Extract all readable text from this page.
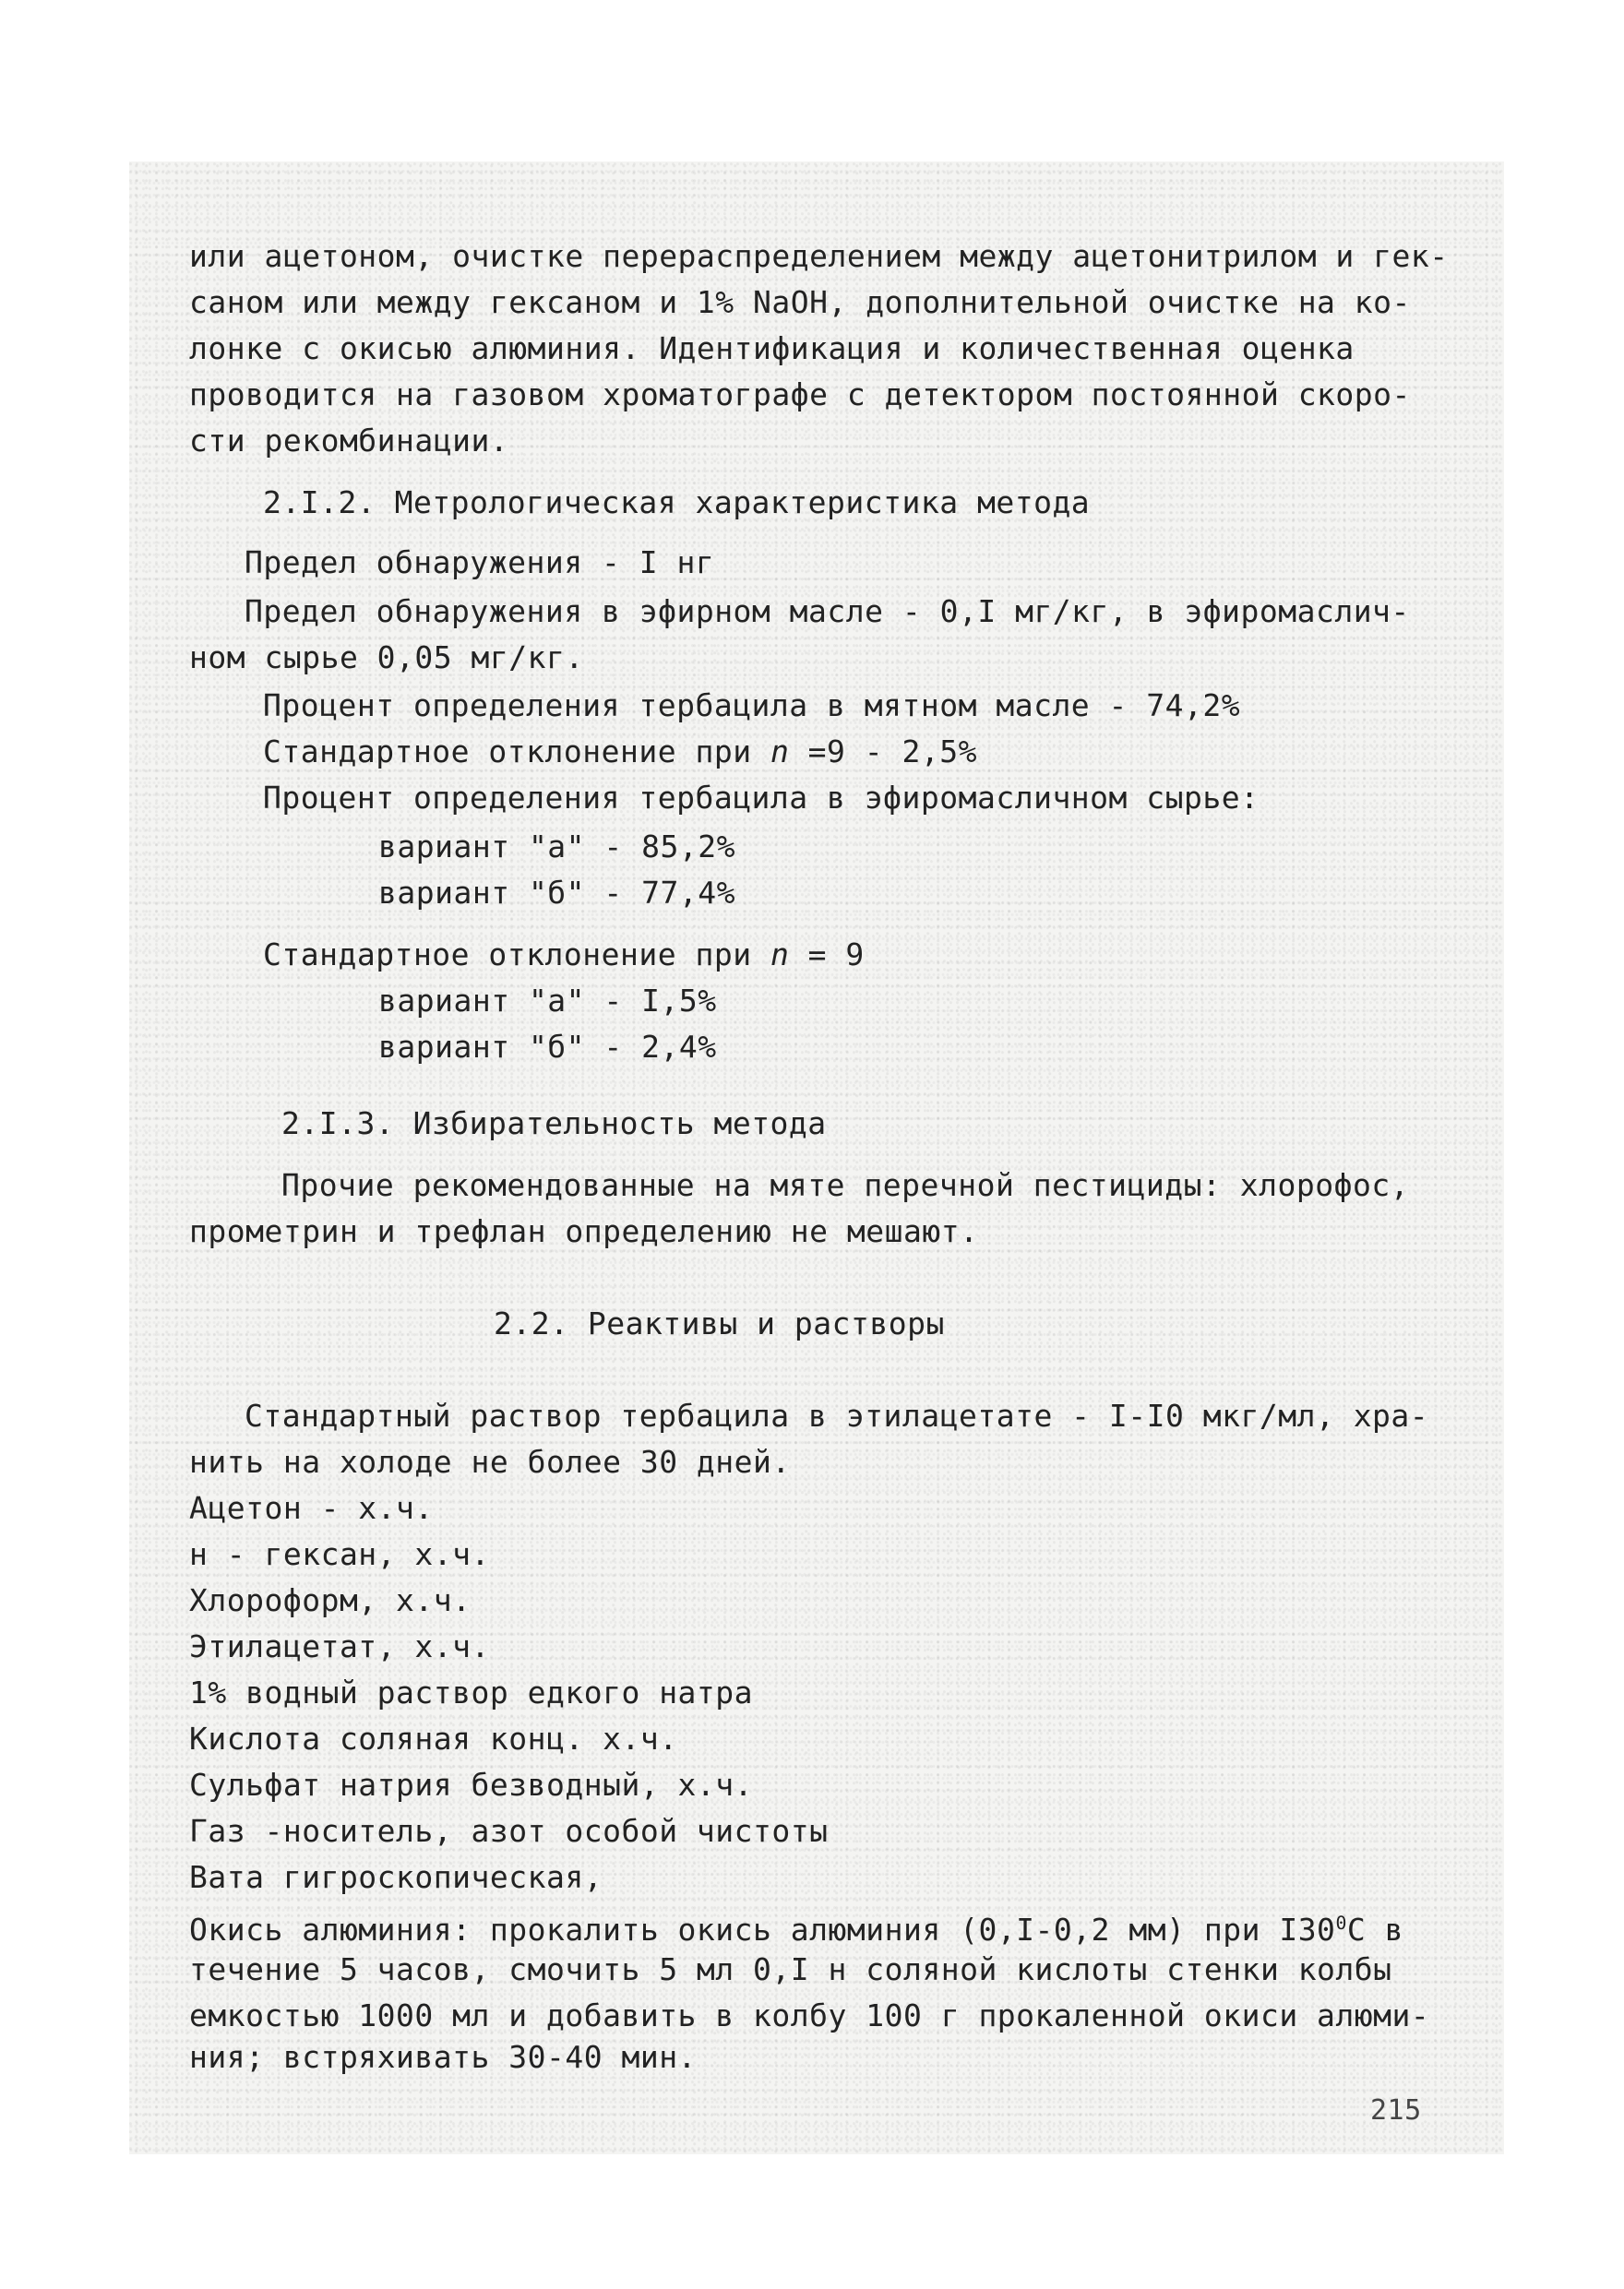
или ацетоном, очистке перераспределением между ацетонитрилом и гек-

саном или между гексаном и 1% NaOH, дополнительной очистке на ко-

лонке с окисью алюминия. Идентификация и количественная оценка

проводится на газовом хроматографе с детектором постоянной скоро-

сти рекомбинации.

2.I.2. Метрологическая характеристика метода

Предел обнаружения - I нг

Предел обнаружения в эфирном масле - 0,I мг/кг, в эфиромаслич-

ном сырье 0,05 мг/кг.

Процент определения тербацила в мятном масле - 74,2%

Стандартное отклонение при n =9 - 2,5%

Процент определения тербацила в эфиромасличном сырье:

вариант "а" - 85,2%

вариант "б" - 77,4%

Стандартное отклонение при n = 9

вариант "а" - I,5%

вариант "б" - 2,4%

2.I.3. Избирательность метода

Прочие рекомендованные на мяте перечной пестициды: хлорофос,

прометрин и трефлан определению не мешают.

2.2. Реактивы и растворы

Стандартный раствор тербацила в этилацетате - I-I0 мкг/мл, хра-

нить на холоде не более 30 дней.

Ацетон - х.ч.

н - гексан, х.ч.

Хлороформ, х.ч.

Этилацетат, х.ч.

1% водный раствор едкого натра

Кислота соляная конц. х.ч.

Сульфат натрия безводный, х.ч.

Газ -носитель, азот особой чистоты

Вата гигроскопическая,

Окись алюминия: прокалить окись алюминия (0,I-0,2 мм) при $I30^0С$ в

течение 5 часов, смочить 5 мл 0,I н соляной кислоты стенки колбы

емкостью 1000 мл и добавить в колбу 100 г прокаленной окиси алюми-

ния; встряхивать 30-40 мин.

215
